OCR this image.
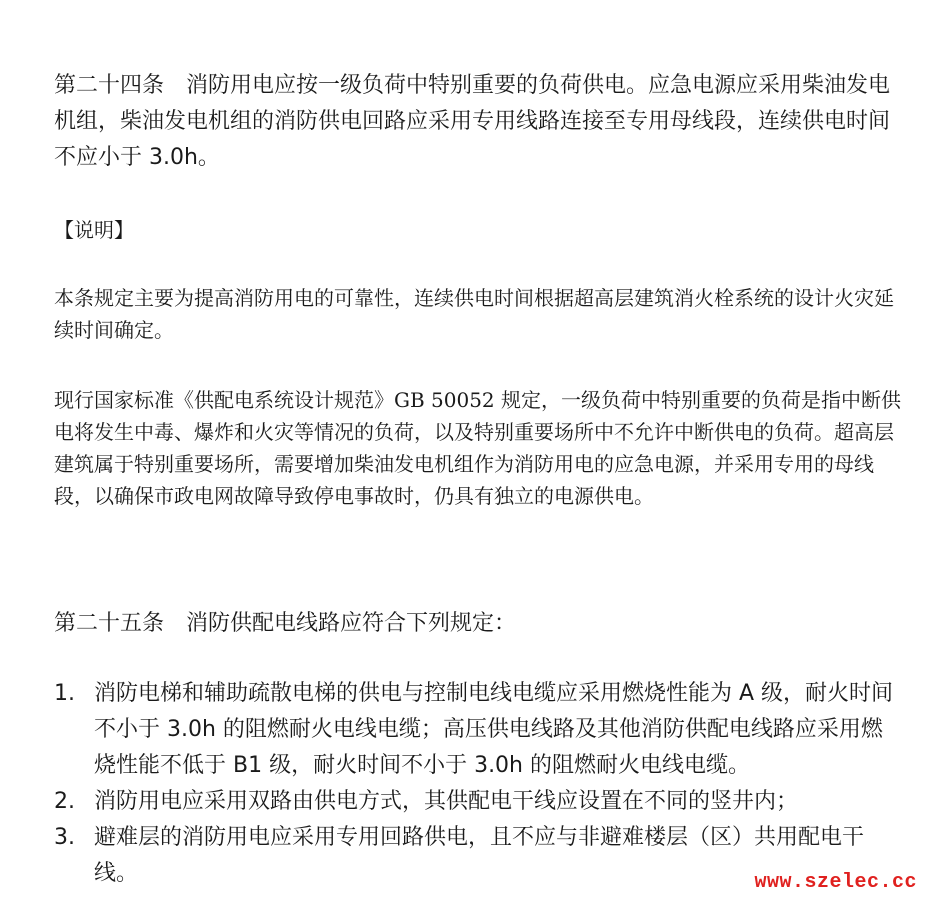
第二十四条　消防用电应按一级负荷中特别重要的负荷供电。应急电源应采用柴油发电机组，柴油发电机组的消防供电回路应采用专用线路连接至专用母线段，连续供电时间不应小于 3.0h。

【说明】

本条规定主要为提高消防用电的可靠性，连续供电时间根据超高层建筑消火栓系统的设计火灾延续时间确定。

现行国家标准《供配电系统设计规范》GB 50052 规定，一级负荷中特别重要的负荷是指中断供电将发生中毒、爆炸和火灾等情况的负荷，以及特别重要场所中不允许中断供电的负荷。超高层建筑属于特别重要场所，需要增加柴油发电机组作为消防用电的应急电源，并采用专用的母线段，以确保市政电网故障导致停电事故时，仍具有独立的电源供电。

第二十五条　消防供配电线路应符合下列规定：

1. 消防电梯和辅助疏散电梯的供电与控制电线电缆应采用燃烧性能为 A 级，耐火时间不小于 3.0h 的阻燃耐火电线电缆；高压供电线路及其他消防供配电线路应采用燃烧性能不低于 B1 级，耐火时间不小于 3.0h 的阻燃耐火电线电缆。
2. 消防用电应采用双路由供电方式，其供配电干线应设置在不同的竖井内；
3. 避难层的消防用电应采用专用回路供电，且不应与非避难楼层（区）共用配电干线。	www.szelec.cc
